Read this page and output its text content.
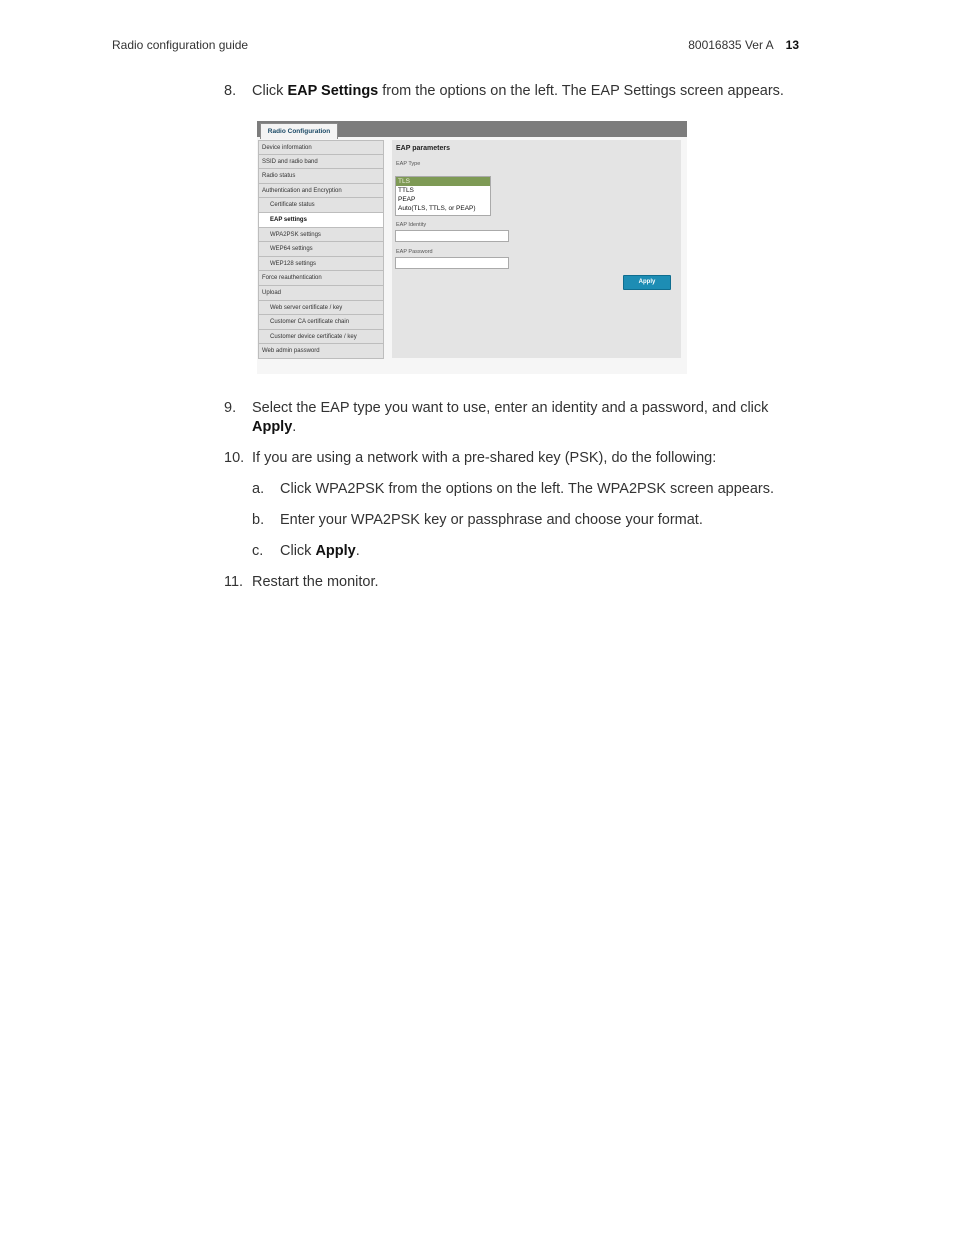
Radio configuration guide	80016835 Ver A 13
8.	Click EAP Settings from the options on the left. The EAP Settings screen appears.
Radio Configuration
Device information
SSID and radio band
Radio status
Authentication and Encryption
Certificate status
EAP settings
WPA2PSK settings
WEP64 settings
WEP128 settings
Force reauthentication
Upload
Web server certificate / key
Customer CA certificate chain
Customer device certificate / key
Web admin password
EAP parameters
EAP Type
TLS
TTLS
PEAP
Auto(TLS, TTLS, or PEAP)
EAP Identity
EAP Password
Apply
9.	Select the EAP type you want to use, enter an identity and a password, and click
Apply.
10. If you are using a network with a pre-shared key (PSK), do the following:
a.	Click WPA2PSK from the options on the left. The WPA2PSK screen appears.
b.	Enter your WPA2PSK key or passphrase and choose your format.
c.	Click Apply.
11. Restart the monitor.
